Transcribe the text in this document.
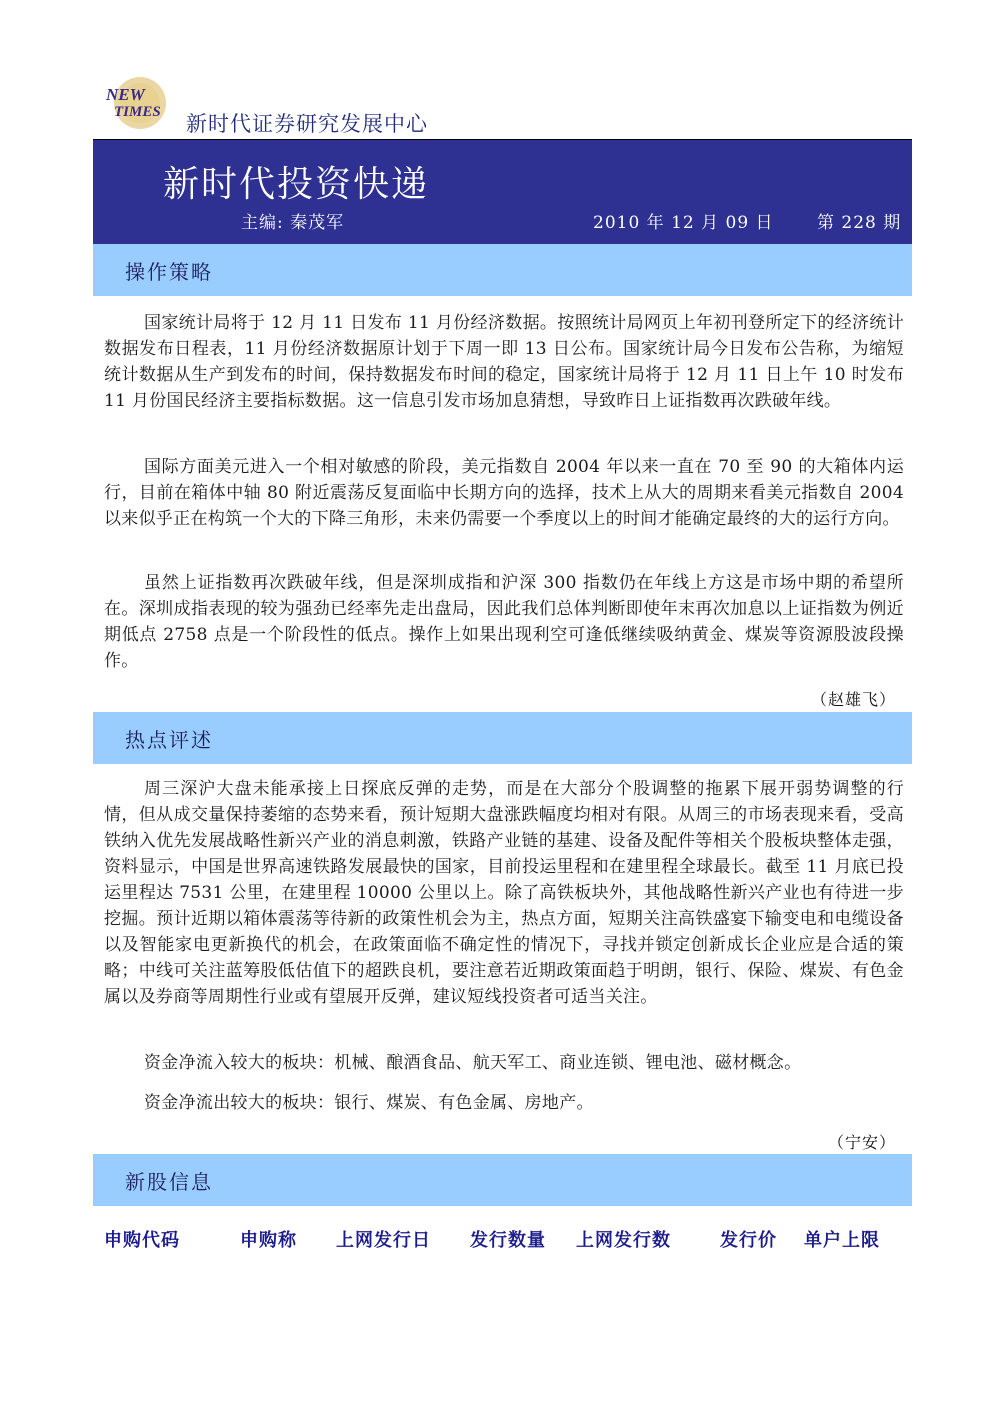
NEW
TIMES 新时代证券研究发展中心
新时代投资快递
主编: 秦茂军	2010 年 12 月 09 日	第 228 期
操作策略

国家统计局将于 12 月 11 日发布 11 月份经济数据。按照统计局网页上年初刊登所定下的经济统计数据发布日程表，11 月份经济数据原计划于下周一即 13 日公布。国家统计局今日发布公告称，为缩短统计数据从生产到发布的时间，保持数据发布时间的稳定，国家统计局将于 12 月 11 日上午 10 时发布 11 月份国民经济主要指标数据。这一信息引发市场加息猜想，导致昨日上证指数再次跌破年线。

国际方面美元进入一个相对敏感的阶段，美元指数自 2004 年以来一直在 70 至 90 的大箱体内运行，目前在箱体中轴 80 附近震荡反复面临中长期方向的选择，技术上从大的周期来看美元指数自 2004 以来似乎正在构筑一个大的下降三角形，未来仍需要一个季度以上的时间才能确定最终的大的运行方向。

虽然上证指数再次跌破年线，但是深圳成指和沪深 300 指数仍在年线上方这是市场中期的希望所在。深圳成指表现的较为强劲已经率先走出盘局，因此我们总体判断即使年末再次加息以上证指数为例近期低点 2758 点是一个阶段性的低点。操作上如果出现利空可逢低继续吸纳黄金、煤炭等资源股波段操作。

（赵雄飞）
热点评述

周三深沪大盘未能承接上日探底反弹的走势，而是在大部分个股调整的拖累下展开弱势调整的行情，但从成交量保持萎缩的态势来看，预计短期大盘涨跌幅度均相对有限。从周三的市场表现来看，受高铁纳入优先发展战略性新兴产业的消息刺激，铁路产业链的基建、设备及配件等相关个股板块整体走强，资料显示，中国是世界高速铁路发展最快的国家，目前投运里程和在建里程全球最长。截至 11 月底已投运里程达 7531 公里，在建里程 10000 公里以上。除了高铁板块外，其他战略性新兴产业也有待进一步挖掘。预计近期以箱体震荡等待新的政策性机会为主，热点方面，短期关注高铁盛宴下输变电和电缆设备以及智能家电更新换代的机会，在政策面临不确定性的情况下，寻找并锁定创新成长企业应是合适的策略；中线可关注蓝筹股低估值下的超跌良机，要注意若近期政策面趋于明朗，银行、保险、煤炭、有色金属以及券商等周期性行业或有望展开反弹，建议短线投资者可适当关注。

资金净流入较大的板块：机械、酿酒食品、航天军工、商业连锁、锂电池、磁材概念。

资金净流出较大的板块：银行、煤炭、有色金属、房地产。

（宁安）
新股信息
申购代码	申购称 上网发行日 发行数量 上网发行数	发行价 单户上限
